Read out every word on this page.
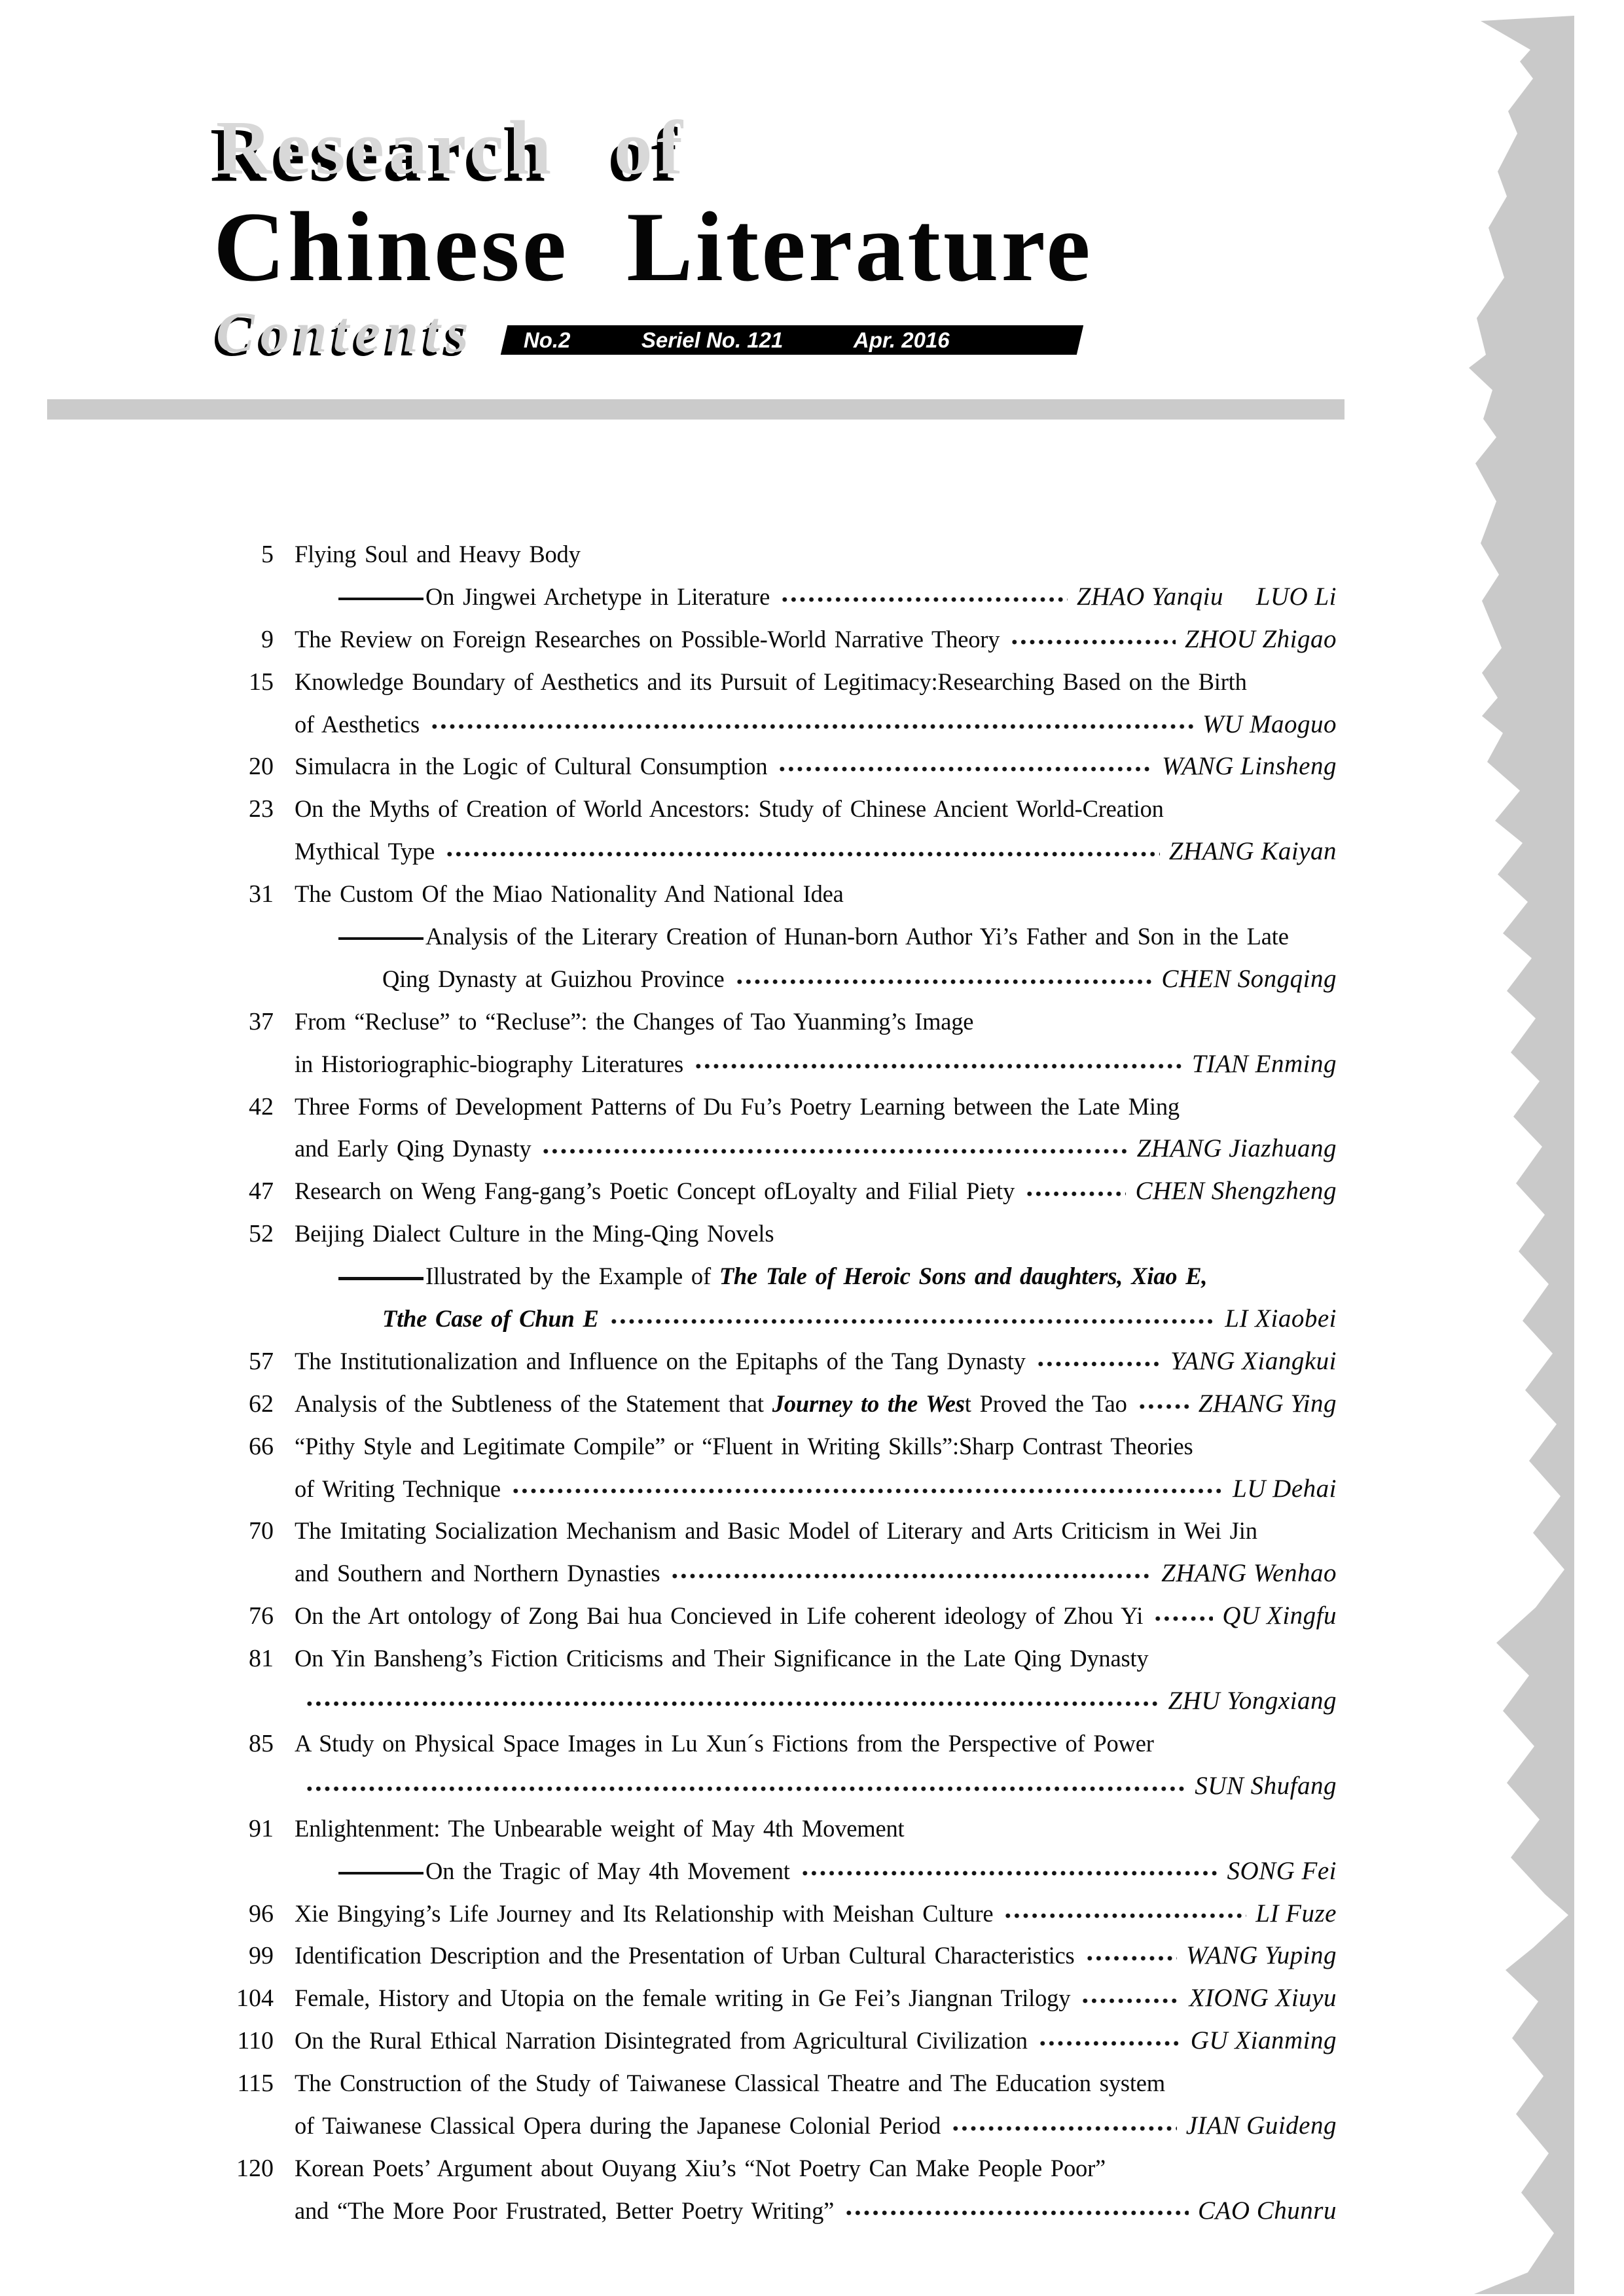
Research of
Chinese Literature
Contents No.2	Seriel No. 121	Apr. 2016
5 Flying Soul and Heavy Body
On Jingwei Archetype in Literature	ZHAO Yanqiu  LUO Li
9 The Review on Foreign Researches on Possible-World Narrative Theory	ZHOU Zhigao
15 Knowledge Boundary of Aesthetics and its Pursuit of Legitimacy:Researching Based on the Birth
of Aesthetics	WU Maoguo
20 Simulacra in the Logic of Cultural Consumption	WANG Linsheng
23 On the Myths of Creation of World Ancestors: Study of Chinese Ancient World-Creation
Mythical Type	ZHANG Kaiyan
31 The Custom Of the Miao Nationality And National Idea
Analysis of the Literary Creation of Hunan-born Author Yi’s Father and Son in the Late
Qing Dynasty at Guizhou Province	CHEN Songqing
37 From “Recluse” to “Recluse”: the Changes of Tao Yuanming’s Image
in Historiographic-biography Literatures	TIAN Enming
42 Three Forms of Development Patterns of Du Fu’s Poetry Learning between the Late Ming
and Early Qing Dynasty	ZHANG Jiazhuang
47 Research on Weng Fang-gang’s Poetic Concept ofLoyalty and Filial Piety	CHEN Shengzheng
52 Beijing Dialect Culture in the Ming-Qing Novels
Illustrated by the Example of The Tale of Heroic Sons and daughters, Xiao E,
Tthe Case of Chun E	LI Xiaobei
57 The Institutionalization and Influence on the Epitaphs of the Tang Dynasty	YANG Xiangkui
62 Analysis of the Subtleness of the Statement that Journey to the West Proved the Tao	ZHANG Ying
66 “Pithy Style and Legitimate Compile” or “Fluent in Writing Skills”:Sharp Contrast Theories
of Writing Technique	LU Dehai
70 The Imitating Socialization Mechanism and Basic Model of Literary and Arts Criticism in Wei Jin
and Southern and Northern Dynasties	ZHANG Wenhao
76 On the Art ontology of Zong Bai hua Concieved in Life coherent ideology of Zhou Yi	QU Xingfu
81 On Yin Bansheng’s Fiction Criticisms and Their Significance in the Late Qing Dynasty
ZHU Yongxiang
85 A Study on Physical Space Images in Lu Xun´s Fictions from the Perspective of Power
SUN Shufang
91 Enlightenment: The Unbearable weight of May 4th Movement
On the Tragic of May 4th Movement	SONG Fei
96 Xie Bingying’s Life Journey and Its Relationship with Meishan Culture	LI Fuze
99 Identification Description and the Presentation of Urban Cultural Characteristics	WANG Yuping
104 Female, History and Utopia on the female writing in Ge Fei’s Jiangnan Trilogy	XIONG Xiuyu
110 On the Rural Ethical Narration Disintegrated from Agricultural Civilization	GU Xianming
115 The Construction of the Study of Taiwanese Classical Theatre and The Education system
of Taiwanese Classical Opera during the Japanese Colonial Period	JIAN Guideng
120 Korean Poets’ Argument about Ouyang Xiu’s “Not Poetry Can Make People Poor”
and “The More Poor Frustrated, Better Poetry Writing”	CAO Chunru
